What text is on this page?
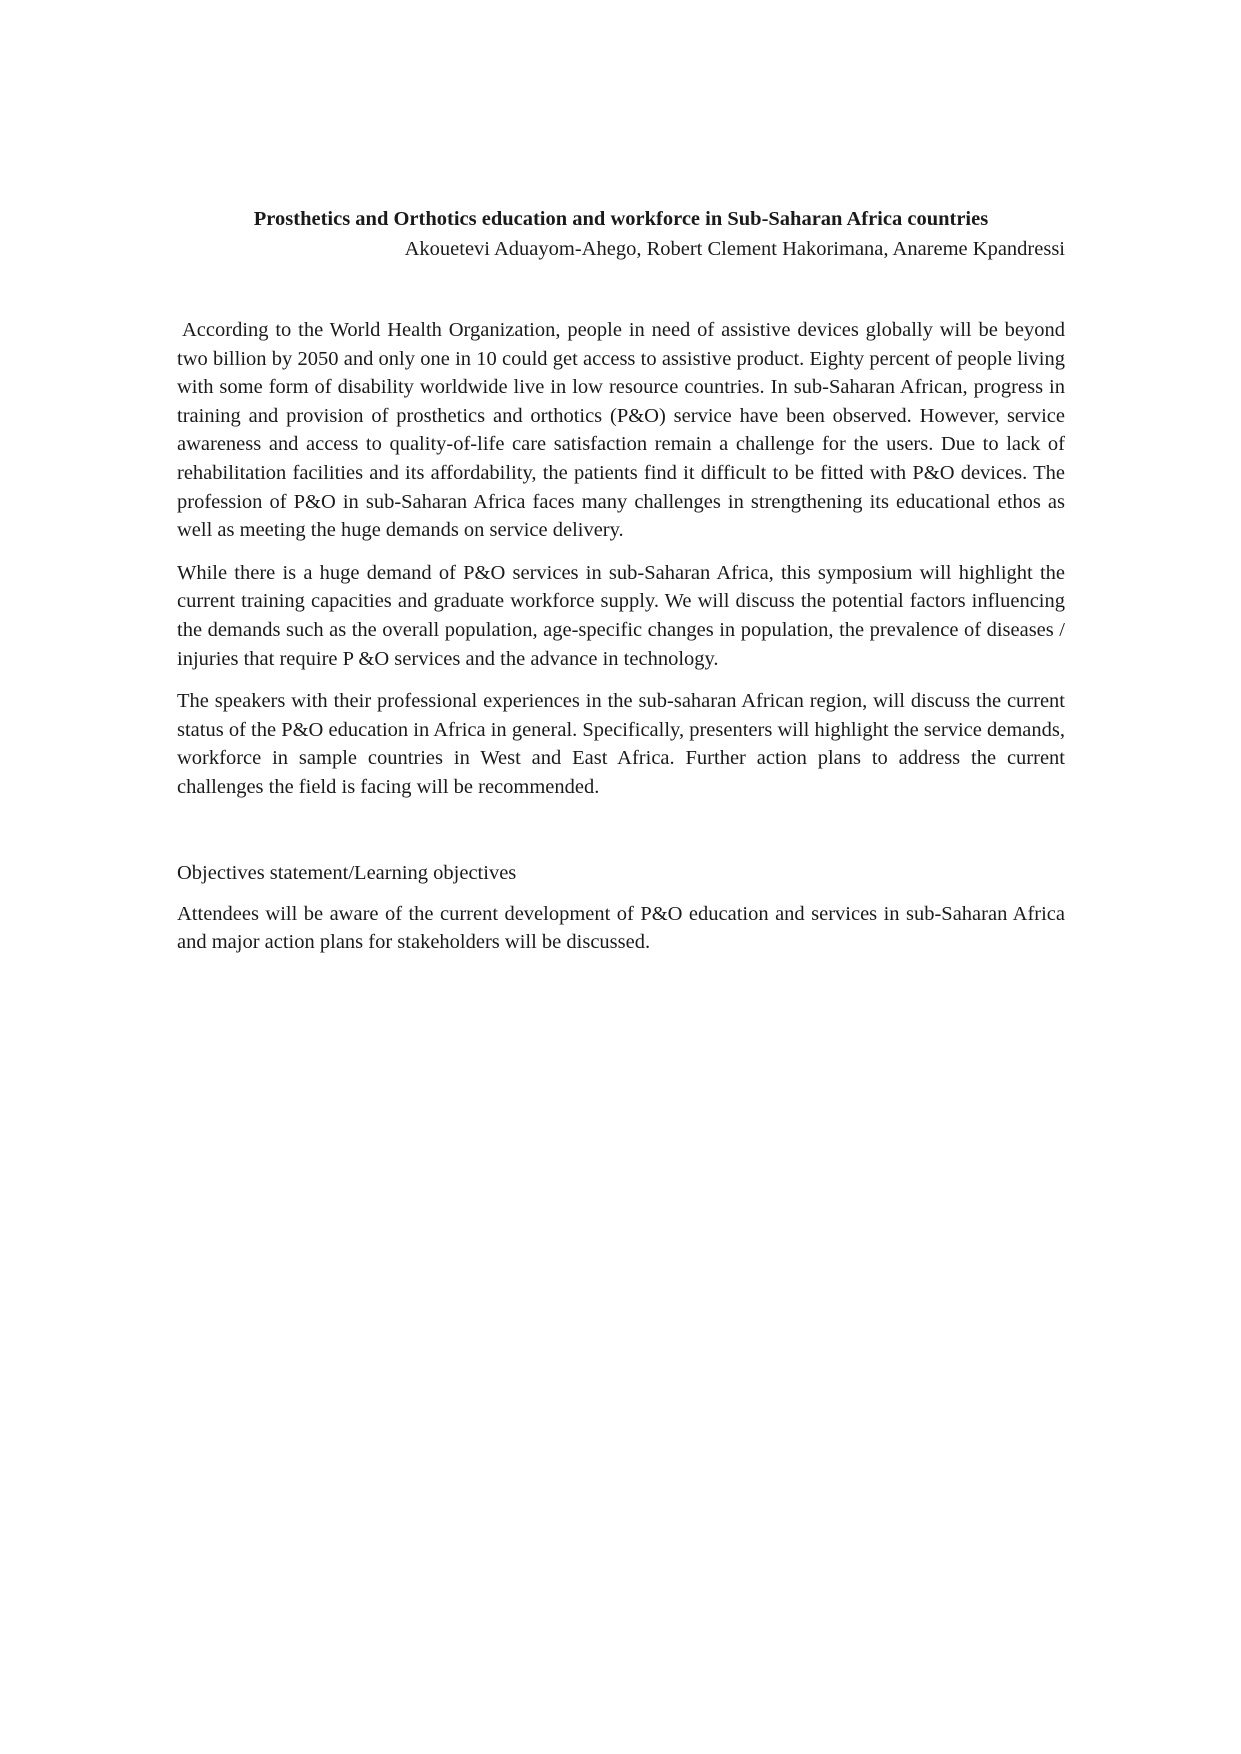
Prosthetics and Orthotics education and workforce in Sub-Saharan Africa countries
Akouetevi Aduayom-Ahego, Robert Clement Hakorimana, Anareme Kpandressi

According to the World Health Organization, people in need of assistive devices globally will be beyond two billion by 2050 and only one in 10 could get access to assistive product. Eighty percent of people living with some form of disability worldwide live in low resource countries. In sub-Saharan African, progress in training and provision of prosthetics and orthotics (P&O) service have been observed. However, service awareness and access to quality-of-life care satisfaction remain a challenge for the users. Due to lack of rehabilitation facilities and its affordability, the patients find it difficult to be fitted with P&O devices. The profession of P&O in sub-Saharan Africa faces many challenges in strengthening its educational ethos as well as meeting the huge demands on service delivery.

While there is a huge demand of P&O services in sub-Saharan Africa, this symposium will highlight the current training capacities and graduate workforce supply. We will discuss the potential factors influencing the demands such as the overall population, age-specific changes in population, the prevalence of diseases / injuries that require P &O services and the advance in technology.

The speakers with their professional experiences in the sub-saharan African region, will discuss the current status of the P&O education in Africa in general. Specifically, presenters will highlight the service demands, workforce in sample countries in West and East Africa. Further action plans to address the current challenges the field is facing will be recommended.

Objectives statement/Learning objectives

Attendees will be aware of the current development of P&O education and services in sub-Saharan Africa and major action plans for stakeholders will be discussed.
